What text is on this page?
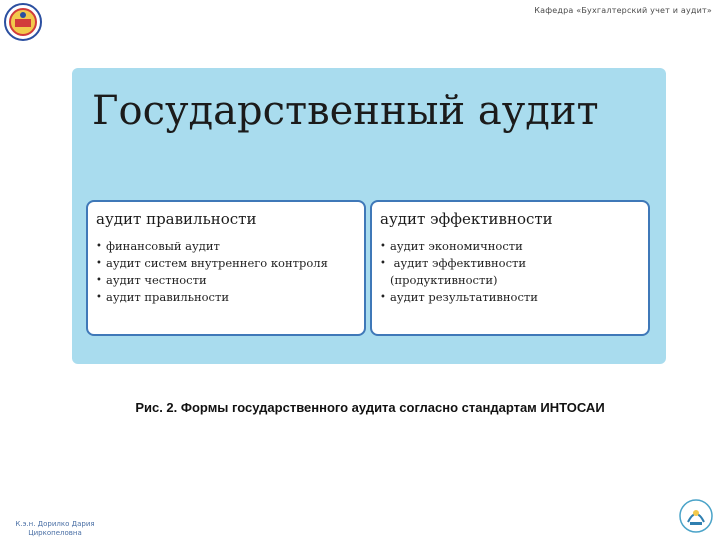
Кафедра «Бухгалтерский учет и аудит»
Государственный аудит
аудит правильности
• финансовый аудит
• аудит систем внутреннего контроля
• аудит честности
• аудит правильности
аудит эффективности
• аудит экономичности
•  аудит эффективности
(продуктивности)
• аудит результативности
Рис. 2. Формы государственного аудита согласно стандартам ИНТОСАИ
К.э.н. Дорилко Дария
Циркопеловна
